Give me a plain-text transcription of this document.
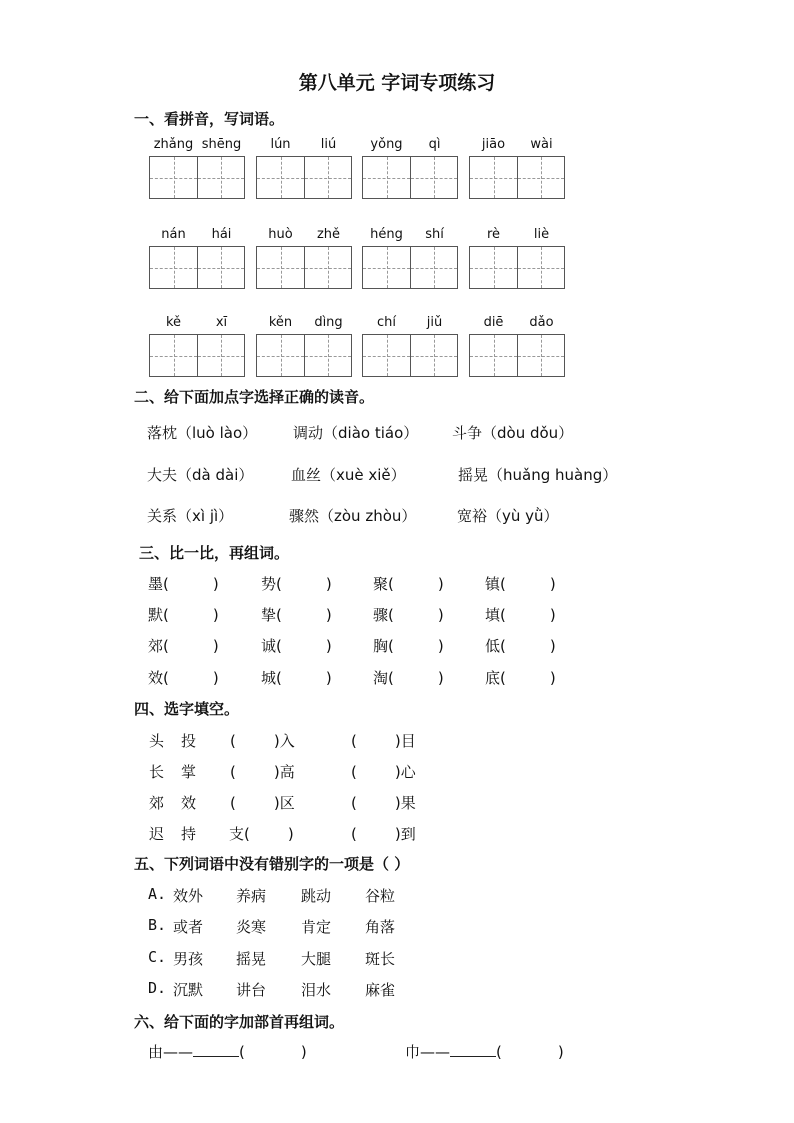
第八单元 字词专项练习
一、看拼音，写词语。
zhǎng shēng	lún	liú	yǒng	qì	jiāo	wài
nán	hái	huò	zhě	héng	shí	rè	liè
kě	xī	kěn	dìng	chí	jiǔ	diē	dǎo
二、给下面加点字选择正确的读音。
落枕（luò lào） 调动（diào tiáo） 斗争（dòu dǒu）
大夫（dà dài）	血丝（xuè xiě）	摇晃（huǎng huàng）
关系（xì jì）	骤然（zòu zhòu）	宽裕（yù yǜ）
三、比一比，再组词。
墨(	)	势(	)	聚(	)	镇(	)
默(	)	挚(	)	骤(	)	填(	)
郊(	)	诚(	)	胸(	)	低(	)
效(	)	城(	)	淘(	)	底(	)
四、选字填空。
头 投 (	)入	(	)目
长 掌 (	)高	(	)心
郊 效 (	)区	(	)果
迟 持 支(	)	(	)到
五、下列词语中没有错别字的一项是（ ）
A. 效外 养病 跳动 谷粒
B. 或者 炎寒 肯定 角落
C. 男孩 摇晃 大腿 斑长
D. 沉默 讲台 泪水 麻雀
六、给下面的字加部首再组词。
由——	(	)	巾——	(	)
